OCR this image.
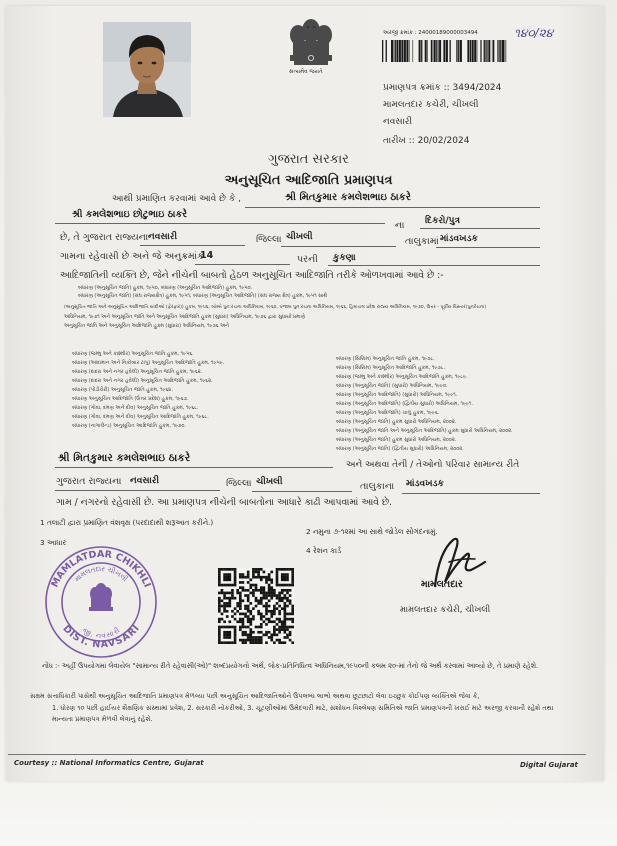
સત્યમેવ જયતે
અરજી ક્રમાંક : 24000189000003494	૧૪૦/૨૪
પ્રમાણપત્ર ક્રમાંક :: 3494/2024
મામલતદાર કચેરી, ચીખલી
નવસારી
તારીખ :: 20/02/2024
ગુજરાત સરકાર
અનુસૂચિત આદિજાતિ પ્રમાણપત્ર
આથી પ્રમાણિત કરવામાં આવે છે કે ,	શ્રી મિતકુમાર કમલેશભાઇ ઠાકરે
શ્રી કમલેશભાઇ છોટુભાઇ ઠાકરે
ના દિકરો/પુત્ર
છે, તે ગુજરાત રાજ્યના નવસારી	જિલ્લા ચીખલી	તાલુકામાં માંડવખડક
ગામના રહેવાસી છે અને જે અનુક્રમાંક
14	પરની કુકણા
આદિજાતિની વ્યક્તિ છે, જેને નીચેની બાબતો હેઠળ અનુસૂચિત આદિજાતિ તરીકે ઓળખવામાં આવે છે :-
બંધારણ (અનુસૂચિત જાતિ) હુકમ, ૧૯૫૦, બંધારણ (અનુસૂચિત આદિજાતિ) હુકમ, ૧૯૫૦.
બંધારણ (અનુસૂચિત જાતિ) (સંઘ રાજ્યક્ષેત્ર) હુકમ, ૧૯૫૧, બંધારણ (અનુસૂચિત આદિજાતિ) (સંઘ રાજ્ય ક્ષેત્ર) હુકમ, ૧૯૫૧ સાથે
(અનુસૂચિત જાતિ અને અનુસૂચિત આદિજાતિ યાદીઓ (ફેરફાર)) હુકમ, ૧૯૫૬, બોમ્બે પુનઃરચના અધિનિયમ, ૧૯૬૦, પંજાબ પુનઃરચના અધિનિયમ, ૧૯૬૬, હિમાચલ પ્રદેશ રાજ્ય અધિનિયમ, ૧૯૭૦, ઉત્તર - પૂર્વીય વિસ્તાર(પુનર્રચના)
અધિનિયમ, ૧૯૭૧ અને અનુસૂચિત જાતિ અને અનુસૂચિત આદિજાતિ હુકમ (સુધારા) અધિનિયમ, ૧૯૭૬ દ્વારા સુધાર્યા પ્રમાણે
અનુસૂચિત જાતિ અને અનુસૂચિત આદિજાતિ હુકમ (સુધારા) અધિનિયમ, ૧૯૭૬ અને
બંધારણ (જમ્મુ અને કાશ્મીર) અનુસૂચિત જાતિ હુકમ, ૧૯૫૬.
બંધારણ (આંદામાન અને નિકોબાર ટાપુ) અનુસૂચિત આદિજાતિ હુકમ, ૧૯૫૯.
બંધારણ (દાદરા અને નગર હવેલી) અનુસૂચિત જાતિ હુકમ, ૧૯૬૨.
બંધારણ (દાદરા અને નગર હવેલી) અનુસૂચિત આદિજાતિ હુકમ, ૧૯૬૨.
બંધારણ (પોંડીચેરી) અનુસૂચિત જાતિ હુકમ, ૧૯૬૪.
બંધારણ અનુસૂચિત આદિજાતિ (ઉત્તર પ્રદેશ) હુકમ, ૧૯૬૭.
બંધારણ (ગોવા, દમણ અને દીવ) અનુસૂચિત જાતિ હુકમ, ૧૯૬૮.
બંધારણ (ગોવા, દમણ અને દીવ) અનુસૂચિત આદિજાતિ હુકમ, ૧૯૬૮.
બંધારણ (નાગાલેન્ડ) અનુસૂચિત આદિજાતિ હુકમ, ૧૯૭૦.
બંધારણ (સિક્કિમ) અનુસૂચિત જાતિ હુકમ, ૧૯૭૮.
બંધારણ (સિક્કિમ) અનુસૂચિત આદિજાતિ હુકમ, ૧૯૭૮.
બંધારણ (જમ્મુ અને કાશ્મીર) અનુસૂચિત આદિજાતિ હુકમ, ૧૯૮૯.
બંધારણ (અનુસૂચિત જાતિ) (સુધારો) અધિનિયમ, ૧૯૯૦.
બંધારણ (અનુસૂચિત આદિજાતિ) (સુધારો) અધિનિયમ, ૧૯૯૧.
બંધારણ (અનુસૂચિત આદિજાતિ) (દ્વિતીય સુધારો) અધિનિયમ, ૧૯૯૧.
બંધારણ (અનુસૂચિત આદિજાતિ) ચાલુ હુકમ, ૧૯૯૬.
બંધારણ (અનુસૂચિત જાતિ) હુકમ સુધારો અધિનિયમ, ૨૦૦૨.
બંધારણ (અનુસૂચિત જાતિ અને અનુસૂચિત આદિજાતિ) હુકમ સુધારો અધિનિયમ, ૨૦૦૨.
બંધારણ (અનુસૂચિત જાતિ) હુકમ સુધારો અધિનિયમ, ૨૦૦૨.
બંધારણ (અનુસૂચિત જાતિ) (દ્વિતીય સુધારો) અધિનિયમ, ૨૦૦૨.
શ્રી મિતકુમાર કમલેશભાઇ ઠાકરે
અને અથવા તેની / તેઓનો પરિવાર સામાન્ય રીતે
ગુજરાત રાજ્યના નવસારી	જિલ્લા ચીખલી	તાલુકાના માંડવખડક
ગામ / નગરનો રહેવાસી છે. આ પ્રમાણપત્ર નીચેની બાબતોના આધારે કાઢી આપવામાં આવે છે.
1 તલાટી દ્વારા પ્રમાણિત વંશવૃક્ષ (પરદાદાથી શરૂઆત કરીને.)
2 નમુના ૭-૧૨માં આ સાથે જોડેલ સોગંદનામું.
3 આધાર
4 રેશન કાર્ડ
MAMLATDAR CHIKHLI
DIST. NAVSARI
મામલતદાર ચીખલી
જી. નવસારી
મામલતદાર
મામલતદાર કચેરી, ચીખલી
નોંધ :- અહીં ઉપયોગમાં લેવાયેલ "સામાન્ય રીતે રહેવાસી(ઓ)" શબ્દપ્રયોગનો અર્થ, લોક-પ્રતિનિધિત્વ અધિનિયમ,૧૯૫૦ની કલમ ૨૦-માં તેનો જે અર્થ કરવામાં આવ્યો છે, તે પ્રમાણે રહેશે.
સક્ષમ સત્તાધિકારી પાસેથી અનુસૂચિત આદિજાતિ પ્રમાણપત્ર મેળવ્યા પછી અનુસૂચિત આદિજાતિઓને ઉપલબ્ધ લાભો અથવા છૂટછાટો લેવા ઇચ્છુક કોઈપણ વ્યક્તિએ જેવા કે,
1. ધોરણ ૧૦ પછી હાઈયર શૈક્ષણિક સંસ્થામાં પ્રવેશ, 2. સરકારી નોકરીઓ, 3. ચૂંટણીઓમાં ઉમેદવારી માટે, સંશોધન વિશ્લેષણ સમિતિએ જાતિ પ્રમાણપત્રની ખરાઈ માટે અરજી કરવાની રહેશે તથા માન્યતા પ્રમાણપત્ર મેળવી લેવાનું રહેશે.
Courtesy :: National Informatics Centre, Gujarat	Digital Gujarat
